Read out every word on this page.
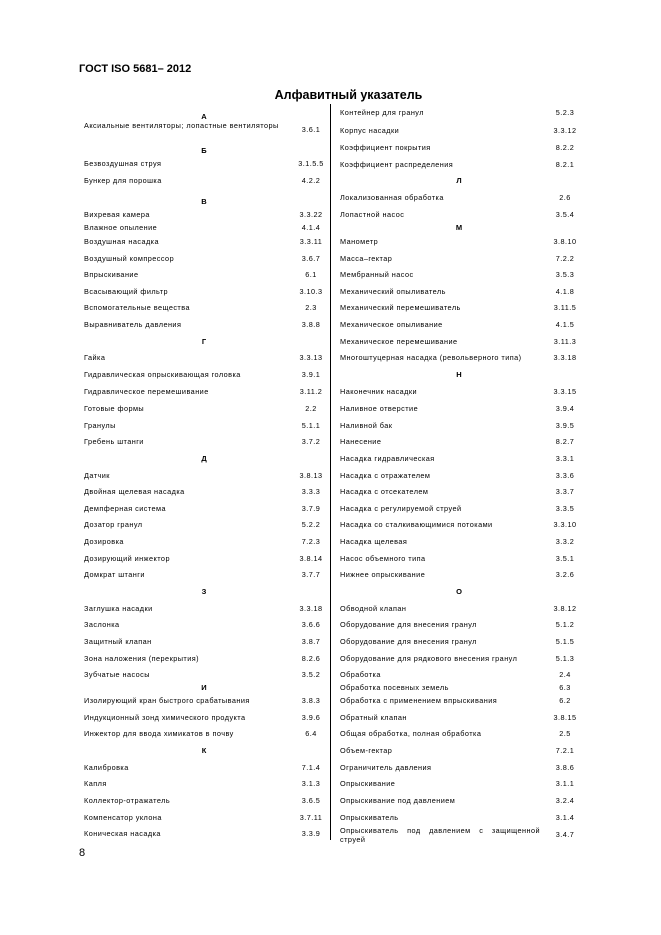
ГОСТ ISO 5681– 2012
Алфавитный указатель
А
Аксиальные вентиляторы; лопастные вентиляторы	3.6.1
Б
Безвоздушная струя	3.1.5.5
Бункер для порошка	4.2.2
В
Вихревая камера	3.3.22
Влажное опыление	4.1.4
Воздушная насадка	3.3.11
Воздушный компрессор	3.6.7
Впрыскивание	6.1
Всасывающий фильтр	3.10.3
Вспомогательные вещества	2.3
Выравниватель давления	3.8.8
Г
Гайка	3.3.13
Гидравлическая опрыскивающая головка	3.9.1
Гидравлическое перемешивание	3.11.2
Готовые формы	2.2
Гранулы	5.1.1
Гребень штанги	3.7.2
Д
Датчик	3.8.13
Двойная щелевая насадка	3.3.3
Демпферная система	3.7.9
Дозатор гранул	5.2.2
Дозировка	7.2.3
Дозирующий инжектор	3.8.14
Домкрат штанги	3.7.7
З
Заглушка насадки	3.3.18
Заслонка	3.6.6
Защитный клапан	3.8.7
Зона наложения (перекрытия)	8.2.6
Зубчатые насосы	3.5.2
И
Изолирующий кран быстрого срабатывания	3.8.3
Индукционный зонд химического продукта	3.9.6
Инжектор для ввода химикатов в почву	6.4
К
Калибровка	7.1.4
Капля	3.1.3
Коллектор-отражатель	3.6.5
Компенсатор уклона	3.7.11
Коническая насадка	3.3.9
Контейнер для гранул	5.2.3
Корпус насадки	3.3.12
Коэффициент покрытия	8.2.2
Коэффициент распределения	8.2.1
Л
Локализованная обработка	2.6
Лопастной насос	3.5.4
М
Манометр	3.8.10
Масса–гектар	7.2.2
Мембранный насос	3.5.3
Механический опыливатель	4.1.8
Механический перемешиватель	3.11.5
Механическое опыливание	4.1.5
Механическое перемешивание	3.11.3
Многоштуцерная насадка (револьверного типа)	3.3.18
Н
Наконечник насадки	3.3.15
Наливное отверстие	3.9.4
Наливной бак	3.9.5
Нанесение	8.2.7
Насадка гидравлическая	3.3.1
Насадка с отражателем	3.3.6
Насадка с отсекателем	3.3.7
Насадка с регулируемой струей	3.3.5
Насадка со сталкивающимися потоками	3.3.10
Насадка щелевая	3.3.2
Насос объемного типа	3.5.1
Нижнее опрыскивание	3.2.6
О
Обводной клапан	3.8.12
Оборудование для внесения гранул	5.1.2
Оборудование для внесения гранул	5.1.5
Оборудование для рядкового внесения гранул	5.1.3
Обработка	2.4
Обработка посевных земель	6.3
Обработка с применением впрыскивания	6.2
Обратный клапан	3.8.15
Общая обработка, полная обработка	2.5
Объем-гектар	7.2.1
Ограничитель давления	3.8.6
Опрыскивание	3.1.1
Опрыскивание под давлением	3.2.4
Опрыскиватель	3.1.4
Опрыскиватель под давлением с защищенной струей
3.4.7
8
